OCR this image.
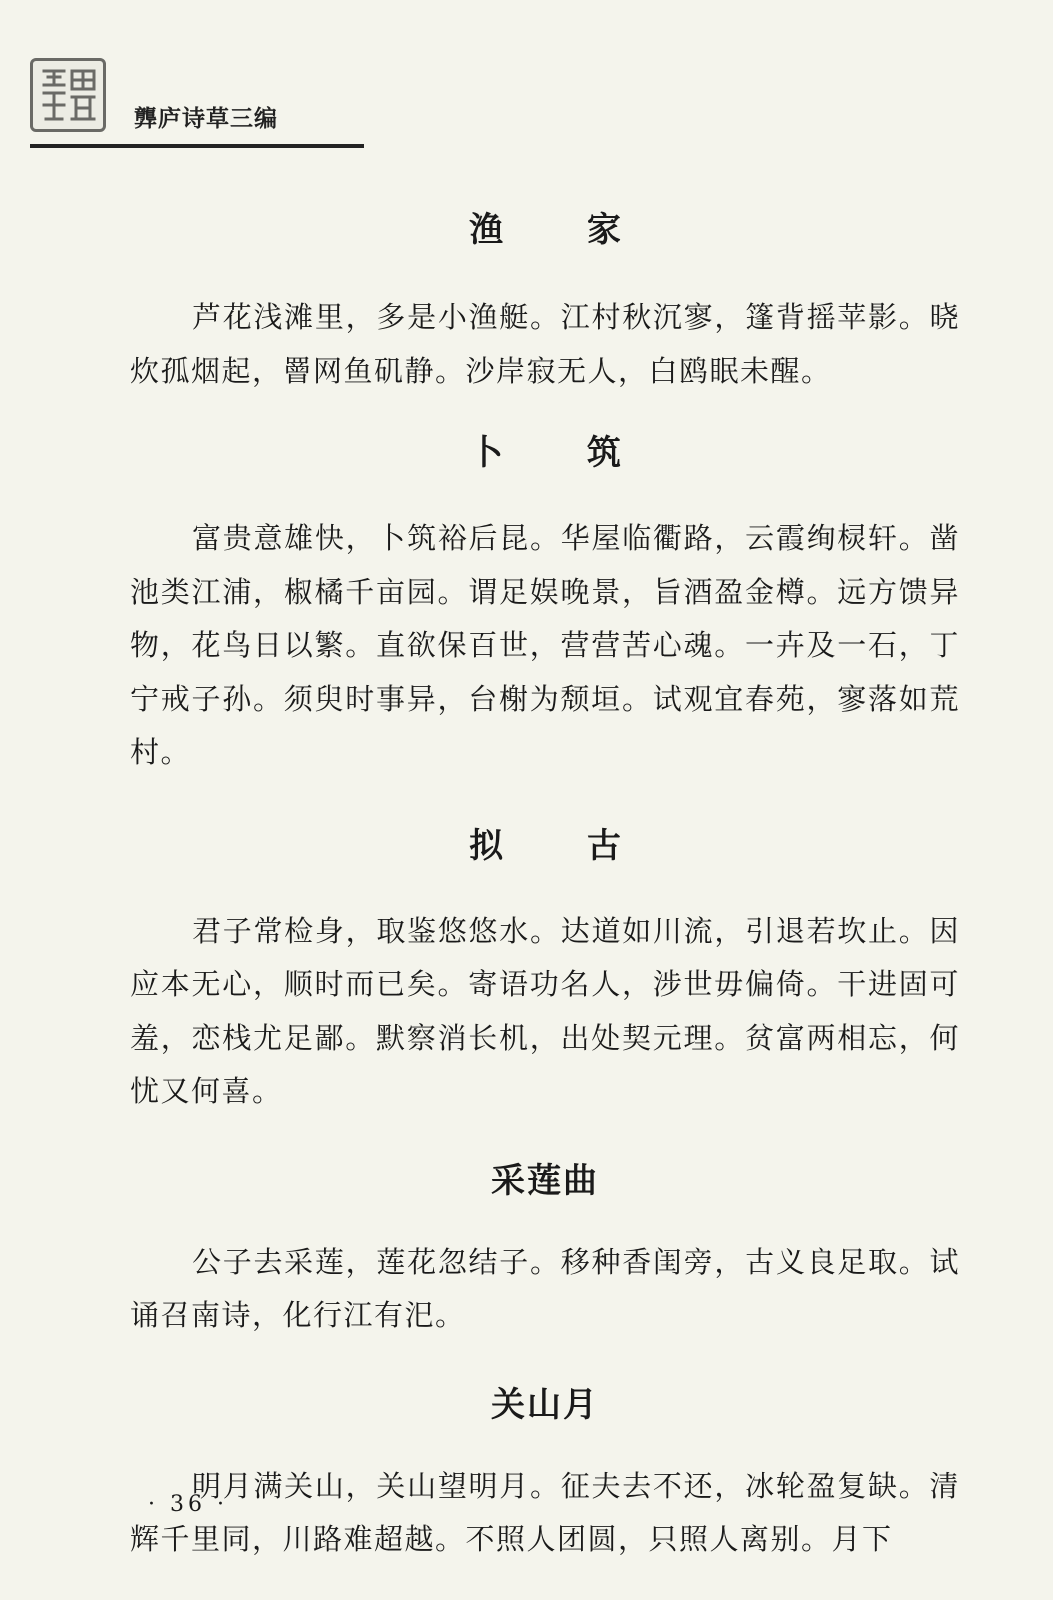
龏庐诗草三编
渔 家

芦花浅滩里，多是小渔艇。江村秋沉寥，篷背摇苹影。晓炊孤烟起，罾网鱼矶静。沙岸寂无人，白鸥眠未醒。

卜 筑

富贵意雄快，卜筑裕后昆。华屋临衢路，云霞绚棂轩。凿池类江浦，椒橘千亩园。谓足娱晚景，旨酒盈金樽。远方馈异物，花鸟日以繁。直欲保百世，营营苦心魂。一卉及一石，丁宁戒子孙。须臾时事异，台榭为颓垣。试观宜春苑，寥落如荒村。

拟 古

君子常检身，取鉴悠悠水。达道如川流，引退若坎止。因应本无心，顺时而已矣。寄语功名人，涉世毋偏倚。干进固可羞，恋栈尤足鄙。默察消长机，出处契元理。贫富两相忘，何忧又何喜。

采莲曲

公子去采莲，莲花忽结子。移种香闺旁，古义良足取。试诵召南诗，化行江有汜。

关山月

明月满关山，关山望明月。征夫去不还，冰轮盈复缺。清辉千里同，川路难超越。不照人团圆，只照人离别。月下

· 36 ·
